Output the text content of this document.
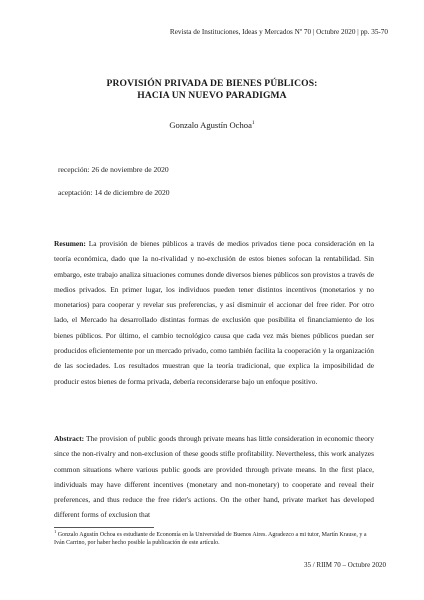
Revista de Instituciones, Ideas y Mercados Nº 70 | Octubre 2020 | pp. 35-70
PROVISIÓN PRIVADA DE BIENES PÚBLICOS:
HACIA UN NUEVO PARADIGMA
Gonzalo Agustín Ochoa$^1$
recepción: 26 de noviembre de 2020
aceptación: 14 de diciembre de 2020

Resumen: La provisión de bienes públicos a través de medios privados tiene poca consideración en la teoría económica, dado que la no-rivalidad y no-exclusión de estos bienes sofocan la rentabilidad. Sin embargo, este trabajo analiza situaciones comunes donde diversos bienes públicos son provistos a través de medios privados. En primer lugar, los individuos pueden tener distintos incentivos (monetarios y no monetarios) para cooperar y revelar sus preferencias, y así disminuir el accionar del free rider. Por otro lado, el Mercado ha desarrollado distintas formas de exclusión que posibilita el financiamiento de los bienes públicos. Por último, el cambio tecnológico causa que cada vez más bienes públicos puedan ser producidos eficientemente por un mercado privado, como también facilita la cooperación y la organización de las sociedades. Los resultados muestran que la teoría tradicional, que explica la imposibilidad de producir estos bienes de forma privada, debería reconsiderarse bajo un enfoque positivo.

Abstract: The provision of public goods through private means has little consideration in economic theory since the non-rivalry and non-exclusion of these goods stifle profitability. Nevertheless, this work analyzes common situations where various public goods are provided through private means. In the first place, individuals may have different incentives (monetary and non-monetary) to cooperate and reveal their preferences, and thus reduce the free rider's actions. On the other hand, private market has developed different forms of exclusion that

$^1$ Gonzalo Agustín Ochoa es estudiante de Economía en la Universidad de Buenos Aires. Agradezco a mi tutor, Martín Krause, y a Iván Carrino, por haber hecho posible la publicación de este artículo.

35 / RIIM 70 – Octubre 2020
